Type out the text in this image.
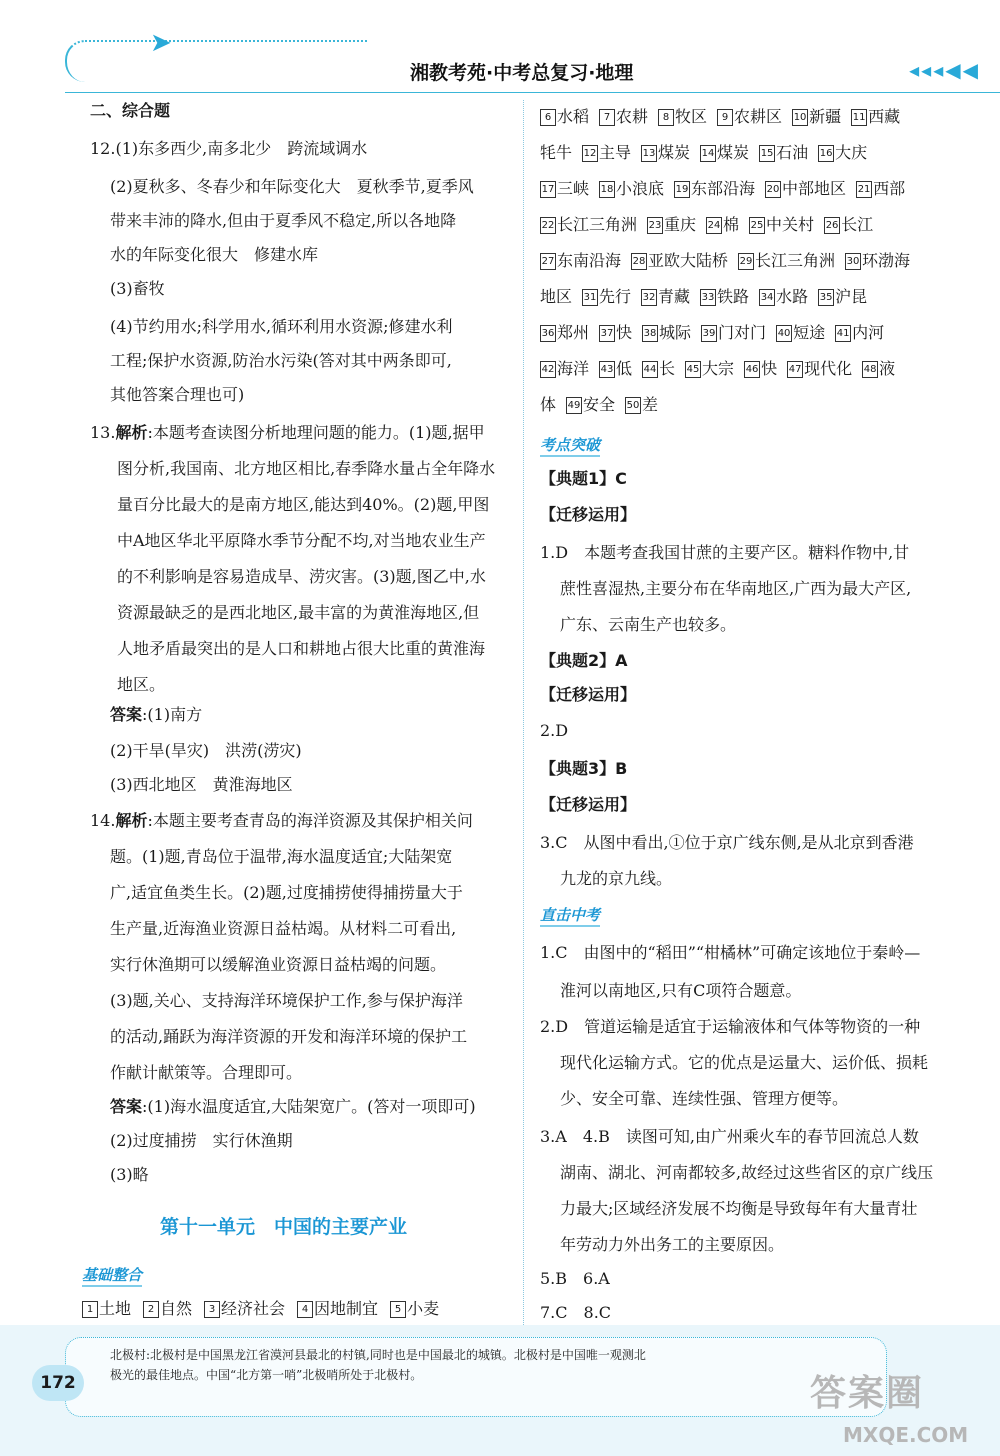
➤
湘教考苑·中考总复习·地理	◂◂◂◀◀
二、综合题
12.(1)东多西少,南多北少　跨流域调水
(2)夏秋多、冬春少和年际变化大　夏秋季节,夏季风
带来丰沛的降水,但由于夏季风不稳定,所以各地降
水的年际变化很大　修建水库
(3)畜牧
(4)节约用水;科学用水,循环利用水资源;修建水利
工程;保护水资源,防治水污染(答对其中两条即可,
其他答案合理也可)
13.解析:本题考查读图分析地理问题的能力。(1)题,据甲
图分析,我国南、北方地区相比,春季降水量占全年降水
量百分比最大的是南方地区,能达到40%。(2)题,甲图
中A地区华北平原降水季节分配不均,对当地农业生产
的不利影响是容易造成旱、涝灾害。(3)题,图乙中,水
资源最缺乏的是西北地区,最丰富的为黄淮海地区,但
人地矛盾最突出的是人口和耕地占很大比重的黄淮海
地区。
答案:(1)南方
(2)干旱(旱灾)　洪涝(涝灾)
(3)西北地区　黄淮海地区
14.解析:本题主要考查青岛的海洋资源及其保护相关问
题。(1)题,青岛位于温带,海水温度适宜;大陆架宽
广,适宜鱼类生长。(2)题,过度捕捞使得捕捞量大于
生产量,近海渔业资源日益枯竭。从材料二可看出,
实行休渔期可以缓解渔业资源日益枯竭的问题。
(3)题,关心、支持海洋环境保护工作,参与保护海洋
的活动,踊跃为海洋资源的开发和海洋环境的保护工
作献计献策等。合理即可。
答案:(1)海水温度适宜,大陆架宽广。(答对一项即可)
(2)过度捕捞　实行休渔期
(3)略
第十一单元　中国的主要产业
基础整合
1 土地 2 自然 3 经济社会 4 因地制宜 5 小麦
6 水稻 7 农耕 8 牧区 9 农耕区 10 新疆 11 西藏
牦牛 12 主导 13 煤炭 14 煤炭 15 石油 16 大庆
17 三峡 18 小浪底 19 东部沿海 20 中部地区 21 西部
22 长江三角洲 23 重庆 24 棉 25 中关村 26 长江
27 东南沿海 28 亚欧大陆桥 29 长江三角洲 30 环渤海
地区 31 先行 32 青藏 33 铁路 34 水路 35 沪昆
36 郑州 37 快 38 城际 39 门对门 40 短途 41 内河
42 海洋 43 低 44 长 45 大宗 46 快 47 现代化 48 液
体 49 安全 50 差
考点突破
【典题1】C
【迁移运用】
1.D　本题考查我国甘蔗的主要产区。糖料作物中,甘
蔗性喜湿热,主要分布在华南地区,广西为最大产区,
广东、云南生产也较多。
【典题2】A
【迁移运用】
2.D
【典题3】B
【迁移运用】
3.C　从图中看出,①位于京广线东侧,是从北京到香港
九龙的京九线。
直击中考
1.C　由图中的“稻田”“柑橘林”可确定该地位于秦岭—
淮河以南地区,只有C项符合题意。
2.D　管道运输是适宜于运输液体和气体等物资的一种
现代化运输方式。它的优点是运量大、运价低、损耗
少、安全可靠、连续性强、管理方便等。
3.A　4.B　读图可知,由广州乘火车的春节回流总人数
湖南、湖北、河南都较多,故经过这些省区的京广线压
力最大;区域经济发展不均衡是导致每年有大量青壮
年劳动力外出务工的主要原因。
5.B　6.A
7.C　8.C
北极村:北极村是中国黑龙江省漠河县最北的村镇,同时也是中国最北的城镇。北极村是中国唯一观测北
极光的最佳地点。中国“北方第一哨”北极哨所处于北极村。
172	答案圈
MXQE.COM
